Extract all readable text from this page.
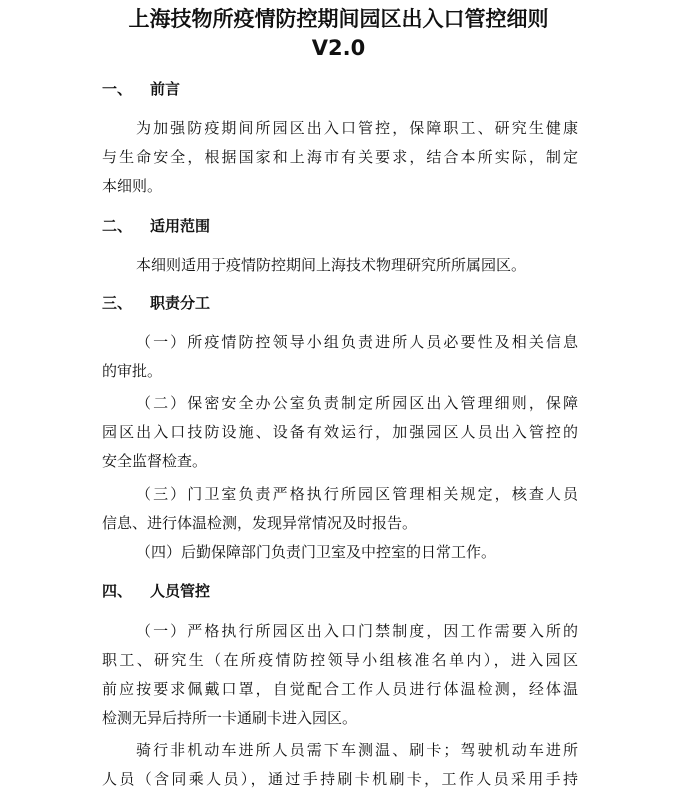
上海技物所疫情防控期间园区出入口管控细则
V2.0
一、 前言

为加强防疫期间所园区出入口管控，保障职工、研究生健康

与生命安全，根据国家和上海市有关要求，结合本所实际，制定

本细则。

二、 适用范围

本细则适用于疫情防控期间上海技术物理研究所所属园区。

三、 职责分工

（一）所疫情防控领导小组负责进所人员必要性及相关信息

的审批。

（二）保密安全办公室负责制定所园区出入管理细则，保障

园区出入口技防设施、设备有效运行，加强园区人员出入管控的

安全监督检查。

（三）门卫室负责严格执行所园区管理相关规定，核查人员

信息、进行体温检测，发现异常情况及时报告。

（四）后勤保障部门负责门卫室及中控室的日常工作。

四、 人员管控

（一）严格执行所园区出入口门禁制度，因工作需要入所的

职工、研究生（在所疫情防控领导小组核准名单内），进入园区

前应按要求佩戴口罩，自觉配合工作人员进行体温检测，经体温

检测无异后持所一卡通刷卡进入园区。

骑行非机动车进所人员需下车测温、刷卡；驾驶机动车进所

人员（含同乘人员），通过手持刷卡机刷卡，工作人员采用手持
